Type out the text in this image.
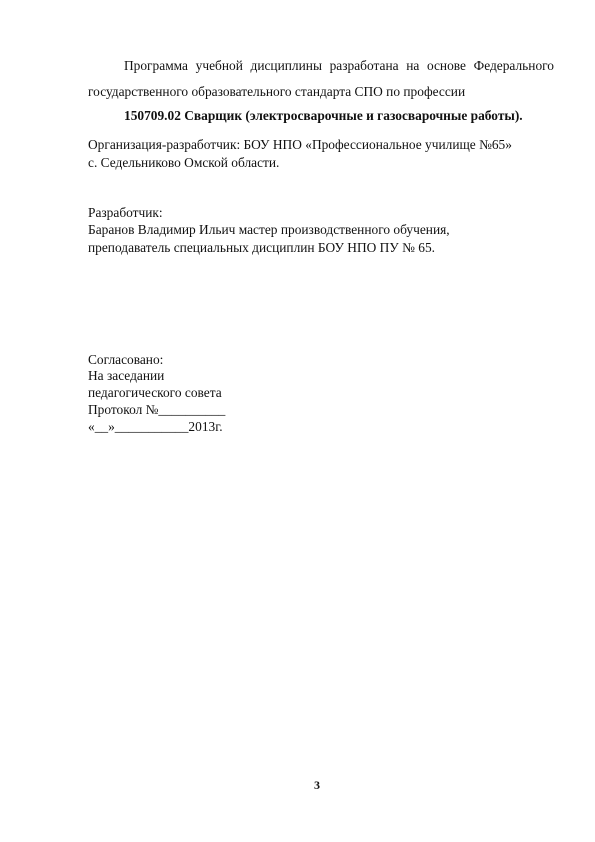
Программа учебной дисциплины разработана на основе Федерального
государственного образовательного стандарта СПО по профессии
150709.02 Сварщик (электросварочные и газосварочные работы).
Организация-разработчик: БОУ НПО «Профессиональное училище №65»
с. Седельниково Омской области.
Разработчик:
Баранов Владимир Ильич мастер производственного обучения,
преподаватель специальных дисциплин БОУ НПО ПУ № 65.
Согласовано:
На заседании
педагогического совета
Протокол №__________
«__»___________2013г.
3
